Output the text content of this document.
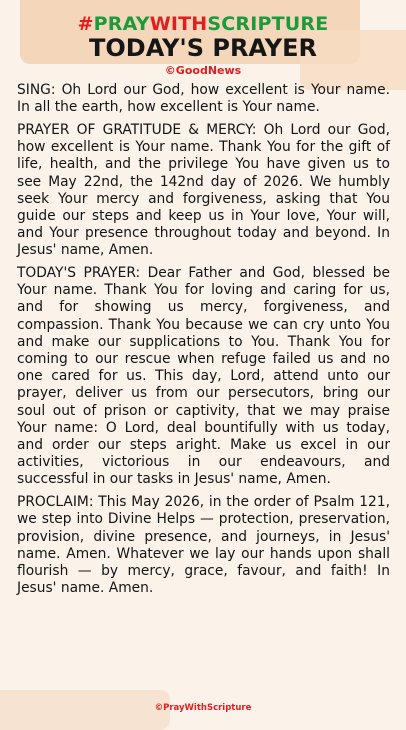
#PRAYWITHSCRIPTURE
TODAY'S PRAYER
©GoodNews

SING: Oh Lord our God, how excellent is Your name. In all the earth, how excellent is Your name.

PRAYER OF GRATITUDE & MERCY: Oh Lord our God, how excellent is Your name. Thank You for the gift of life, health, and the privilege You have given us to see May 22nd, the 142nd day of 2026. We humbly seek Your mercy and forgiveness, asking that You guide our steps and keep us in Your love, Your will, and Your presence throughout today and beyond. In Jesus' name, Amen.

TODAY'S PRAYER: Dear Father and God, blessed be Your name. Thank You for loving and caring for us, and for showing us mercy, forgiveness, and compassion. Thank You because we can cry unto You and make our supplications to You. Thank You for coming to our rescue when refuge failed us and no one cared for us. This day, Lord, attend unto our prayer, deliver us from our persecutors, bring our soul out of prison or captivity, that we may praise Your name: O Lord, deal bountifully with us today, and order our steps aright. Make us excel in our activities, victorious in our endeavours, and successful in our tasks in Jesus' name, Amen.

PROCLAIM: This May 2026, in the order of Psalm 121, we step into Divine Helps — protection, preservation, provision, divine presence, and journeys, in Jesus' name. Amen. Whatever we lay our hands upon shall flourish — by mercy, grace, favour, and faith! In Jesus' name. Amen.

©PrayWithScripture
